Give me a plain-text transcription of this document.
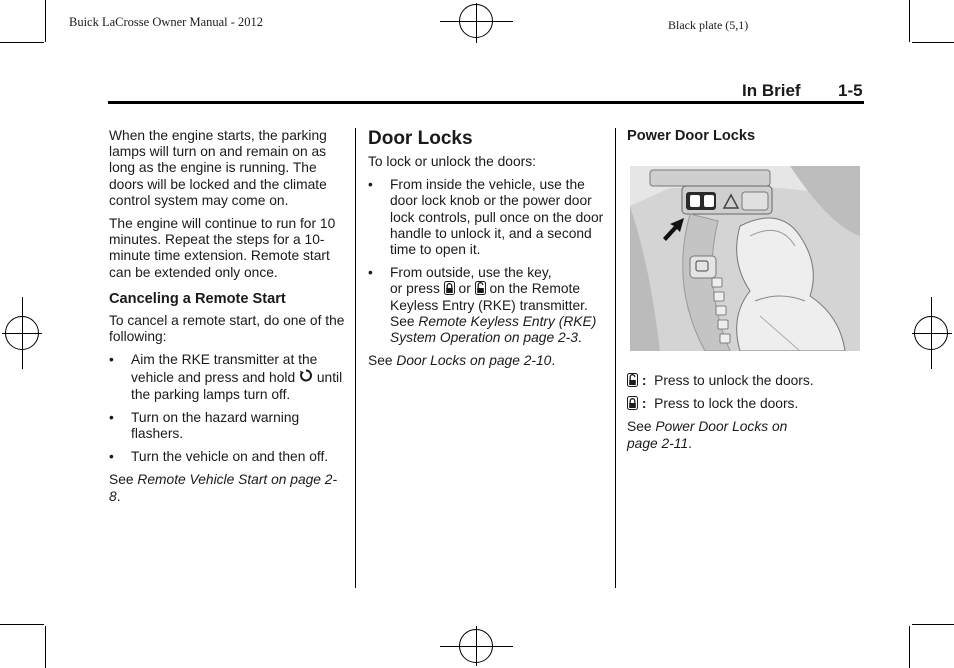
Buick LaCrosse Owner Manual - 2012	Black plate (5,1)
In Brief 1-5

When the engine starts, the parking lamps will turn on and remain on as long as the engine is running. The doors will be locked and the climate control system may come on.

The engine will continue to run for 10 minutes. Repeat the steps for a 10-minute time extension. Remote start can be extended only once.

Canceling a Remote Start

To cancel a remote start, do one of the following:

• Aim the RKE transmitter at the vehicle and press and hold until the parking lamps turn off.
• Turn on the hazard warning flashers.
• Turn the vehicle on and then off.

See Remote Vehicle Start on page 2-8.

Door Locks

To lock or unlock the doors:

• From inside the vehicle, use the door lock knob or the power door lock controls, pull once on the door handle to unlock it, and a second time to open it.
• From outside, use the key,
or press or on the Remote Keyless Entry (RKE) transmitter. See Remote Keyless Entry (RKE) System Operation on page 2-3.

See Door Locks on page 2-10.

Power Door Locks

: Press to unlock the doors.

: Press to lock the doors.

See Power Door Locks on page 2-11.
